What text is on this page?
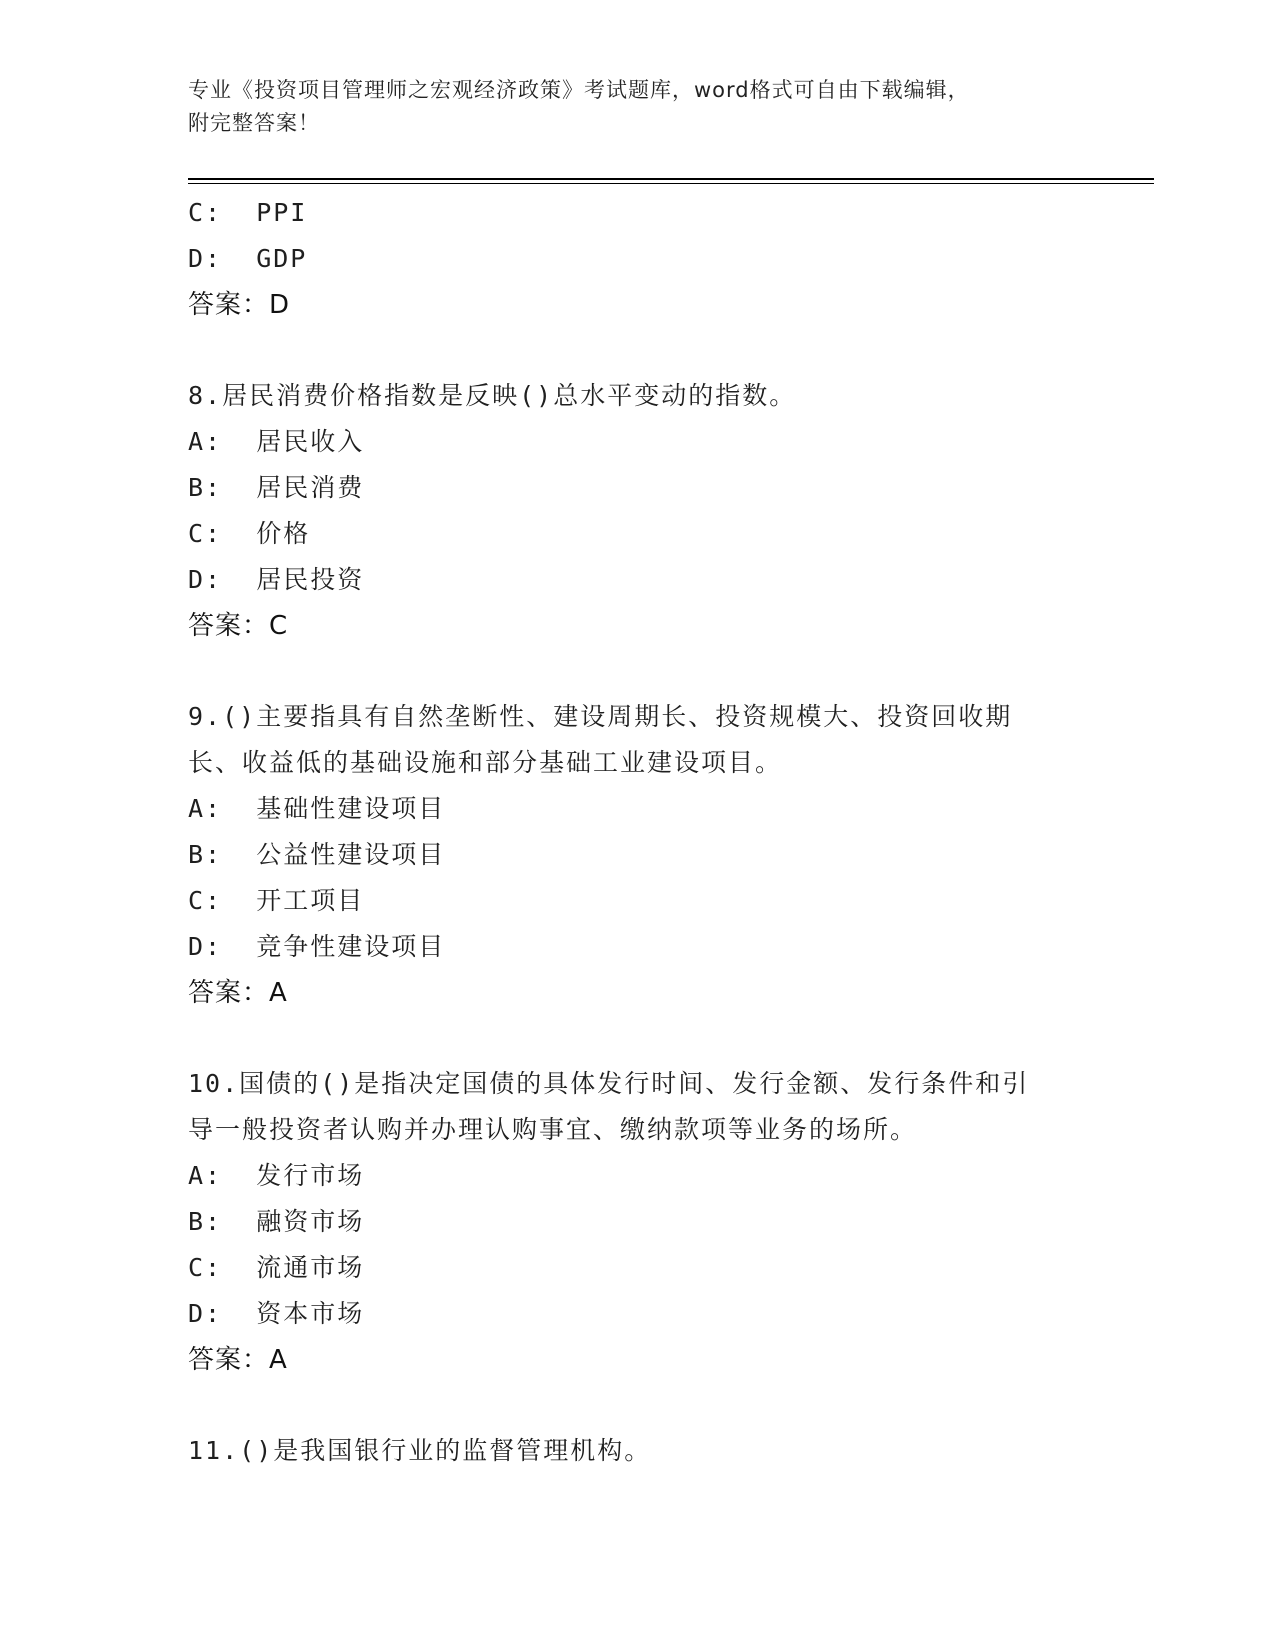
专业《投资项目管理师之宏观经济政策》考试题库，word格式可自由下载编辑，
附完整答案！
C:  PPI
D:  GDP
答案：D
8.居民消费价格指数是反映()总水平变动的指数。
A:  居民收入
B:  居民消费
C:  价格
D:  居民投资
答案：C
9.()主要指具有自然垄断性、建设周期长、投资规模大、投资回收期
长、收益低的基础设施和部分基础工业建设项目。
A:  基础性建设项目
B:  公益性建设项目
C:  开工项目
D:  竞争性建设项目
答案：A
10.国债的()是指决定国债的具体发行时间、发行金额、发行条件和引
导一般投资者认购并办理认购事宜、缴纳款项等业务的场所。
A:  发行市场
B:  融资市场
C:  流通市场
D:  资本市场
答案：A
11.()是我国银行业的监督管理机构。
